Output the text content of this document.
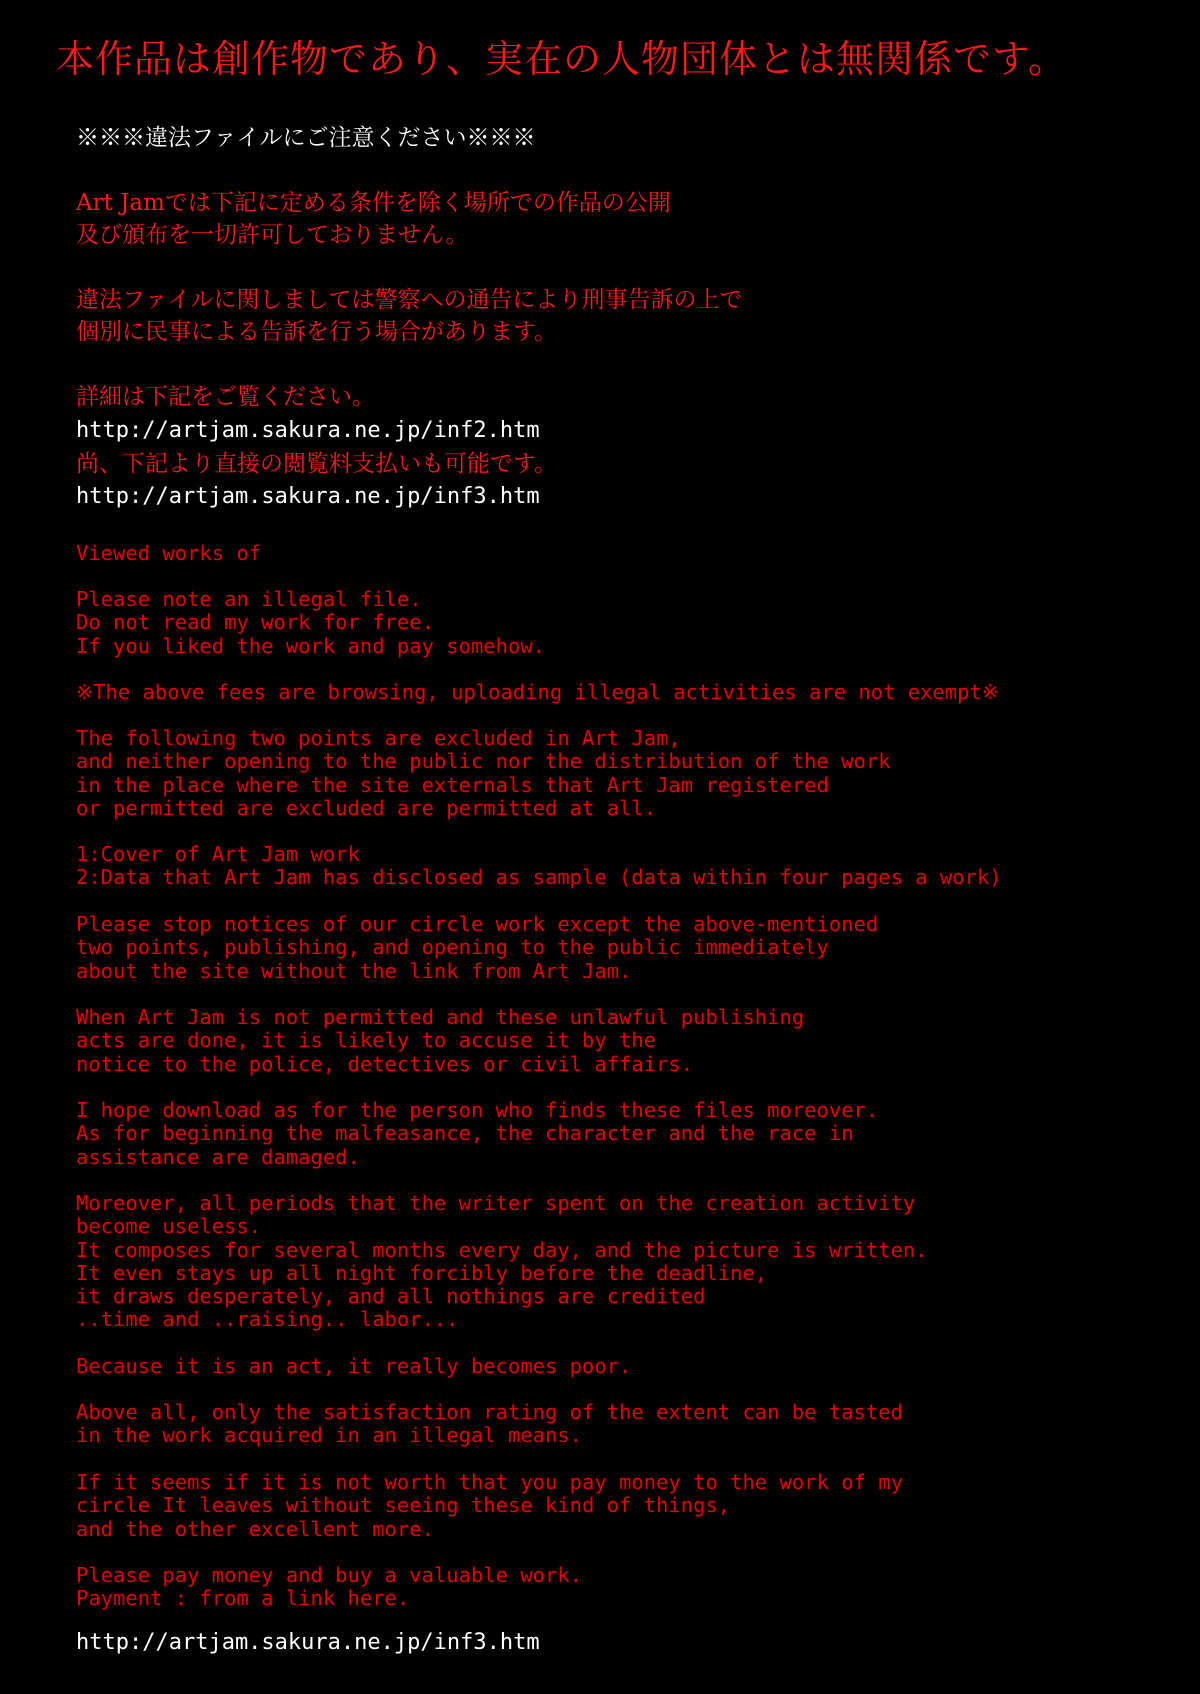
本作品は創作物であり、実在の人物団体とは無関係です。
※※※違法ファイルにご注意ください※※※
Art Jamでは下記に定める条件を除く場所での作品の公開
及び頒布を一切許可しておりません。
違法ファイルに関しましては警察への通告により刑事告訴の上で
個別に民事による告訴を行う場合があります。
詳細は下記をご覧ください。
http://artjam.sakura.ne.jp/inf2.htm
尚、下記より直接の閲覧料支払いも可能です。
http://artjam.sakura.ne.jp/inf3.htm
Viewed works of
Please note an illegal file.
Do not read my work for free.
If you liked the work and pay somehow.
※The above fees are browsing, uploading illegal activities are not exempt※
The following two points are excluded in Art Jam,
and neither opening to the public nor the distribution of the work
in the place where the site externals that Art Jam registered
or permitted are excluded are permitted at all.
1:Cover of Art Jam work
2:Data that Art Jam has disclosed as sample (data within four pages a work)
Please stop notices of our circle work except the above-mentioned
two points, publishing, and opening to the public immediately
about the site without the link from Art Jam.
When Art Jam is not permitted and these unlawful publishing
acts are done, it is likely to accuse it by the
notice to the police, detectives or civil affairs.
I hope download as for the person who finds these files moreover.
As for beginning the malfeasance, the character and the race in
assistance are damaged.
Moreover, all periods that the writer spent on the creation activity
become useless.
It composes for several months every day, and the picture is written.
It even stays up all night forcibly before the deadline,
it draws desperately, and all nothings are credited
..time and ..raising.. labor...
Because it is an act, it really becomes poor.
Above all, only the satisfaction rating of the extent can be tasted
in the work acquired in an illegal means.
If it seems if it is not worth that you pay money to the work of my
circle It leaves without seeing these kind of things,
and the other excellent more.
Please pay money and buy a valuable work.
Payment : from a link here.
http://artjam.sakura.ne.jp/inf3.htm
